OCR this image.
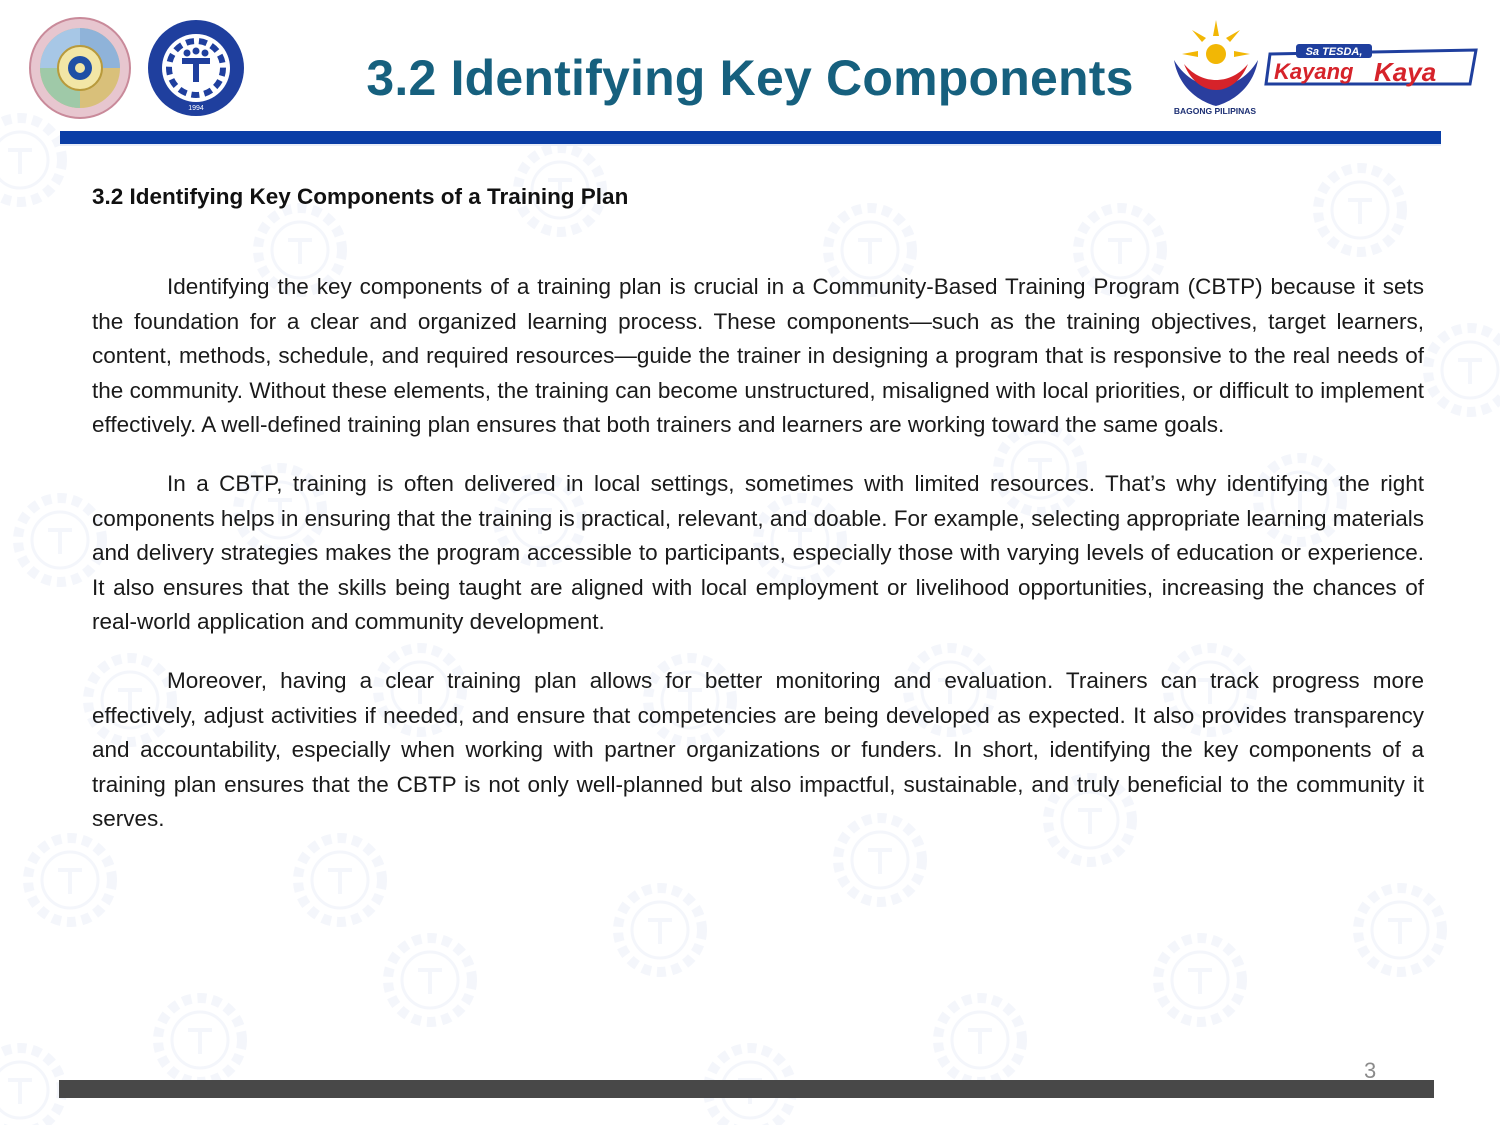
1994
3.2 Identifying Key Components
BAGONG PILIPINAS
Sa TESDA,
Kayang Kaya
3.2 Identifying Key Components of a Training Plan

Identifying the key components of a training plan is crucial in a Community-Based Training Program (CBTP) because it sets the foundation for a clear and organized learning process. These components—such as the training objectives, target learners, content, methods, schedule, and required resources—guide the trainer in designing a program that is responsive to the real needs of the community. Without these elements, the training can become unstructured, misaligned with local priorities, or difficult to implement effectively. A well-defined training plan ensures that both trainers and learners are working toward the same goals.

In a CBTP, training is often delivered in local settings, sometimes with limited resources. That’s why identifying the right components helps in ensuring that the training is practical, relevant, and doable. For example, selecting appropriate learning materials and delivery strategies makes the program accessible to participants, especially those with varying levels of education or experience. It also ensures that the skills being taught are aligned with local employment or livelihood opportunities, increasing the chances of real-world application and community development.

Moreover, having a clear training plan allows for better monitoring and evaluation. Trainers can track progress more effectively, adjust activities if needed, and ensure that competencies are being developed as expected. It also provides transparency and accountability, especially when working with partner organizations or funders. In short, identifying the key components of a training plan ensures that the CBTP is not only well-planned but also impactful, sustainable, and truly beneficial to the community it serves.

3
